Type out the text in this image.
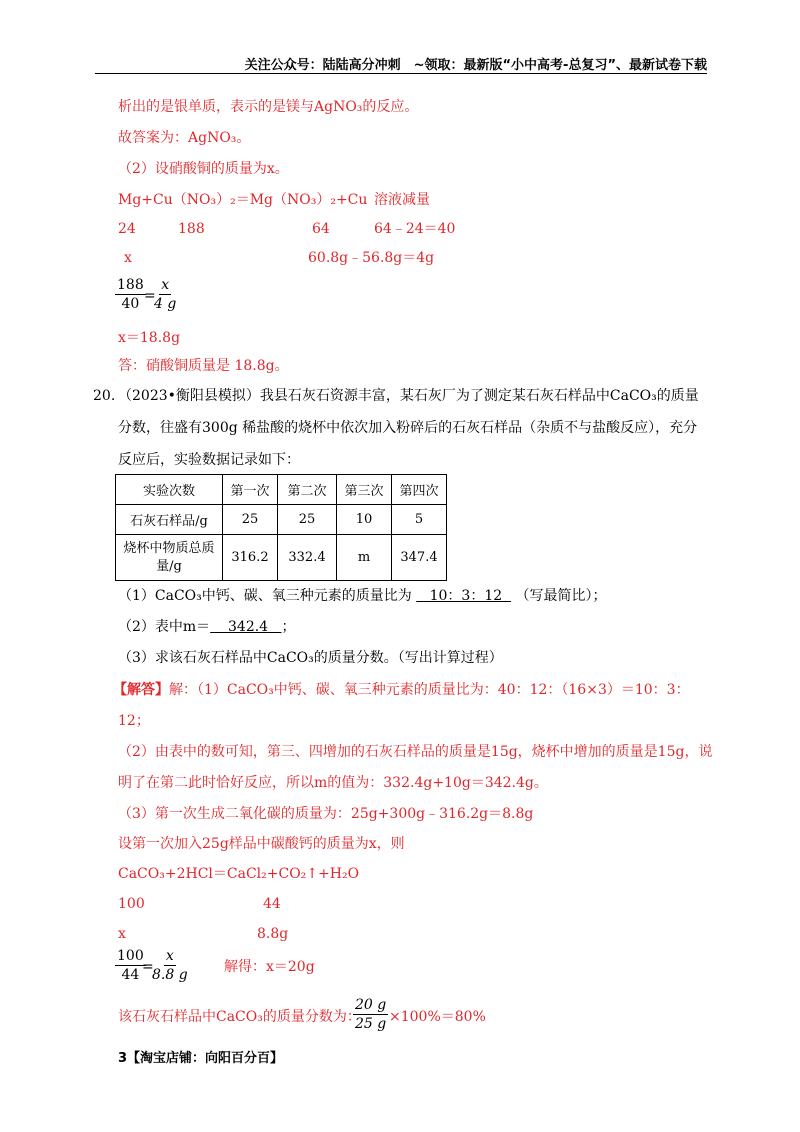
关注公众号：陆陆高分冲刺　~领取：最新版“小中高考-总复习”、最新试卷下载
析出的是银单质，表示的是镁与AgNO₃的反应。
故答案为：AgNO₃。
（2）设硝酸铜的质量为x。
Mg+Cu（NO₃）₂＝Mg（NO₃）₂+Cu 溶液减量
24	188	64	64﹣24＝40
x	60.8g﹣56.8g＝4g
$\frac{188}{40}$
=
$\frac{x}{4 g}$
x＝18.8g
答：硝酸铜质量是 18.8g。
20. （2023•衡阳县模拟）我县石灰石资源丰富，某石灰厂为了测定某石灰石样品中CaCO₃的质量
分数，往盛有300g 稀盐酸的烧杯中依次加入粉碎后的石灰石样品（杂质不与盐酸反应），充分
反应后，实验数据记录如下：
实验次数	第一次	第二次	第三次	第四次
石灰石样品/g	25	25	10	5

烧杯中物质总质
量/g	316.2	332.4	m	347.4
（1）CaCO₃中钙、碳、氧三种元素的质量比为 10：3：12 （写最简比）；
（2）表中m＝ 342.4 ；
（3）求该石灰石样品中CaCO₃的质量分数。（写出计算过程）
【解答】解：（1）CaCO₃中钙、碳、氧三种元素的质量比为：40：12：（16×3）＝10：3：
12；
（2）由表中的数可知，第三、四增加的石灰石样品的质量是15g，烧杯中增加的质量是15g，说
明了在第二此时恰好反应，所以m的值为：332.4g+10g＝342.4g。
（3）第一次生成二氧化碳的质量为：25g+300g﹣316.2g＝8.8g
设第一次加入25g样品中碳酸钙的质量为x，则
CaCO₃+2HCl＝CaCl₂+CO₂↑+H₂O
100	44
x	8.8g
$\frac{100}{44}$
=
$\frac{x}{8.8 g}$ 解得：x＝20g
该石灰石样品中CaCO₃的质量分数为：
$\frac{20 g}{25 g} \times 100\%=80\%$
3【淘宝店铺：向阳百分百】
